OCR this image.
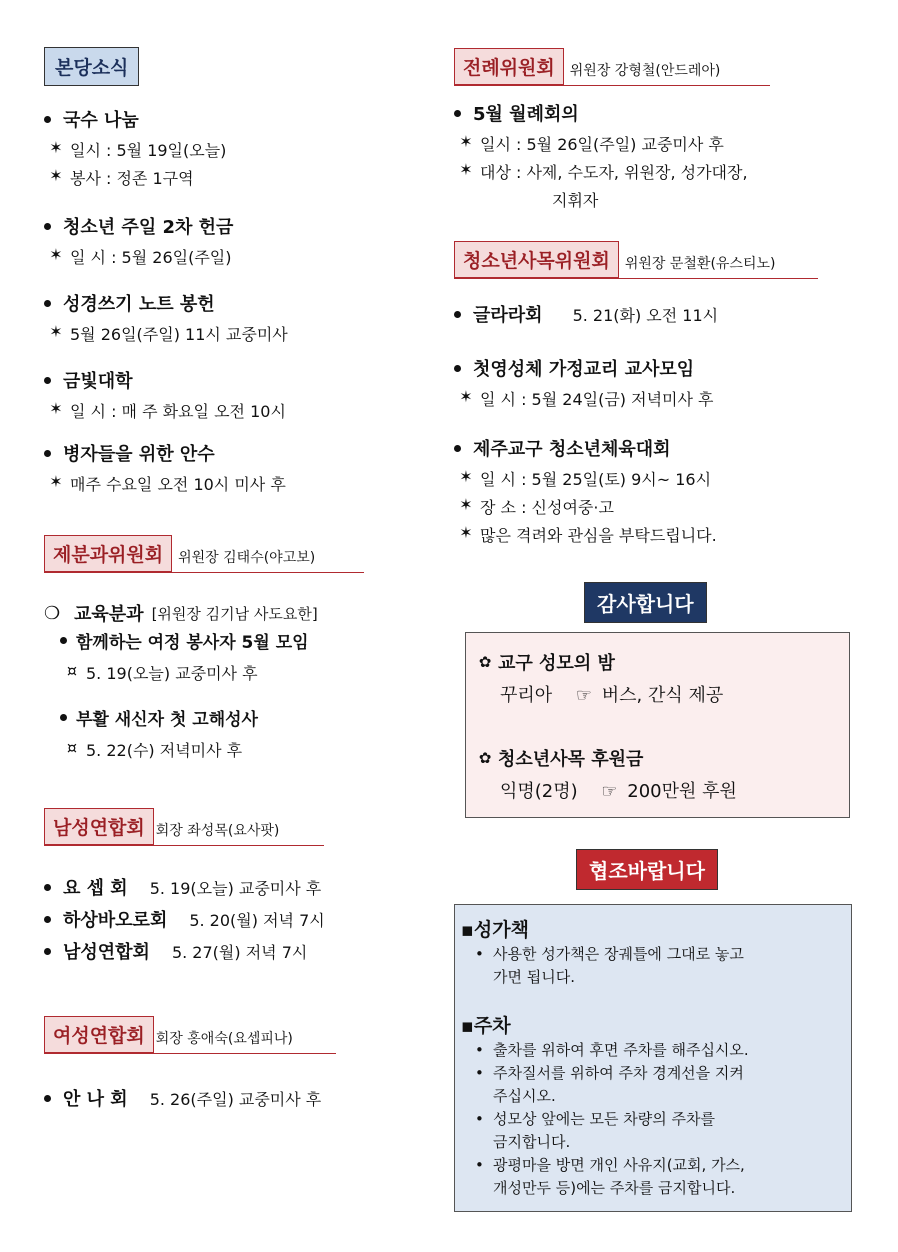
본당소식
국수 나눔
✶ 일시 : 5월 19일(오늘)
✶ 봉사 : 정존 1구역
청소년 주일 2차 헌금
✶ 일 시 : 5월 26일(주일)
성경쓰기 노트 봉헌
✶ 5월 26일(주일) 11시 교중미사
금빛대학
✶ 일 시 : 매 주 화요일 오전 10시
병자들을 위한 안수
✶ 매주 수요일 오전 10시 미사 후
제분과위원회	위원장 김태수(야고보)
❍ 교육분과 [위원장 김기남 사도요한]
함께하는 여정 봉사자 5월 모임
¤ 5. 19(오늘) 교중미사 후
부활 새신자 첫 고해성사
¤ 5. 22(수) 저녁미사 후
남성연합회 회장 좌성목(요사팟)
요 셉 회 5. 19(오늘) 교중미사 후
하상바오로회 5. 20(월) 저녁 7시
남성연합회 5. 27(월) 저녁 7시
여성연합회 회장 홍애숙(요셉피나)
안 나 회 5. 26(주일) 교중미사 후
전례위원회	위원장 강형철(안드레아)
5월 월례회의
✶ 일시 : 5월 26일(주일) 교중미사 후
✶ 대상 : 사제, 수도자, 위원장, 성가대장,
지휘자
청소년사목위원회	위원장 문철환(유스티노)
글라라회 5. 21(화) 오전 11시
첫영성체 가정교리 교사모임
✶ 일 시 : 5월 24일(금) 저녁미사 후
제주교구 청소년체육대회
✶ 일 시 : 5월 25일(토) 9시~ 16시
✶ 장 소 : 신성여중·고
✶ 많은 격려와 관심을 부탁드립니다.
감사합니다
✿ 교구 성모의 밤
꾸리아 ☞ 버스, 간식 제공
✿ 청소년사목 후원금
익명(2명) ☞ 200만원 후원
협조바랍니다
▪성가책
• 사용한 성가책은 장궤틀에 그대로 놓고
가면 됩니다.
▪주차
• 출차를 위하여 후면 주차를 해주십시오.
• 주차질서를 위하여 주차 경계선을 지켜
주십시오.
• 성모상 앞에는 모든 차량의 주차를
금지합니다.
• 광평마을 방면 개인 사유지(교회, 가스,
개성만두 등)에는 주차를 금지합니다.
